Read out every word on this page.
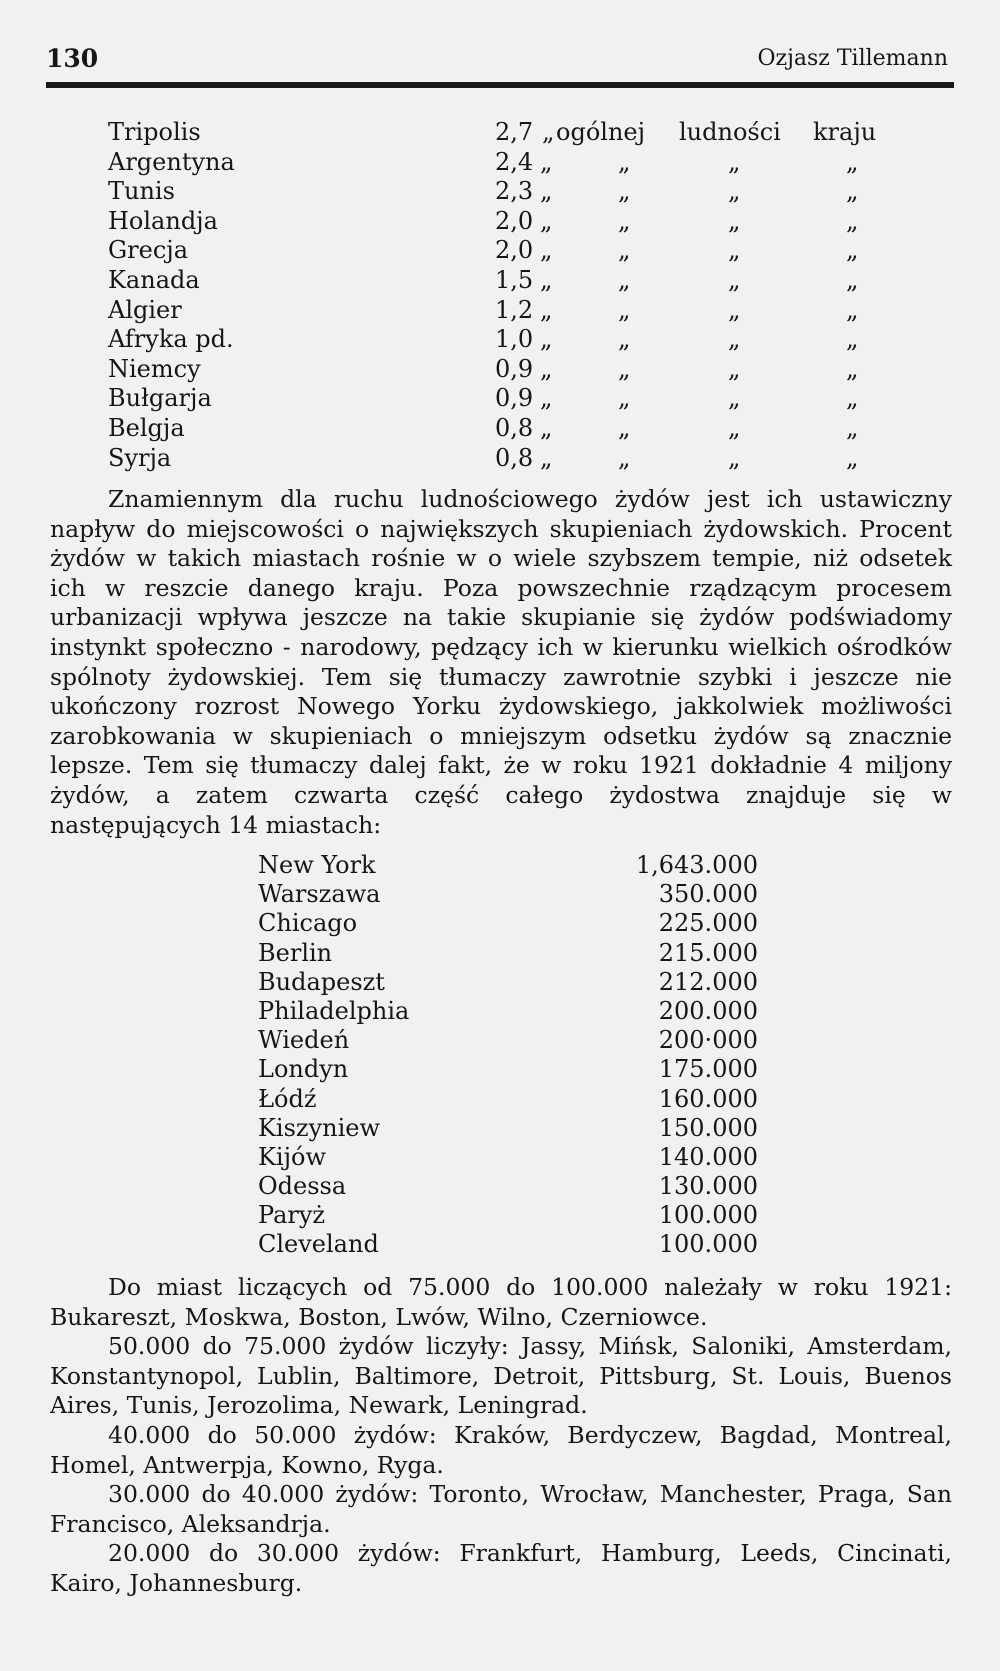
130	Ozjasz Tillemann
Tripolis	2,7 „ ogólnej ludności kraju
Argentyna	2,4 „	„	„	„
Tunis	2,3 „	„	„	„
Holandja	2,0 „	„	„	„
Grecja	2,0 „	„	„	„
Kanada	1,5 „	„	„	„
Algier	1,2 „	„	„	„
Afryka pd.	1,0 „	„	„	„
Niemcy	0,9 „	„	„	„
Bułgarja	0,9 „	„	„	„
Belgja	0,8 „	„	„	„
Syrja	0,8 „	„	„	„

Znamiennym dla ruchu ludnościowego żydów jest ich ustawiczny napływ do miejscowości o największych skupieniach żydowskich. Procent żydów w takich miastach rośnie w o wiele szybszem tempie, niż odsetek ich w reszcie danego kraju. Poza powszechnie rządzącym procesem urbanizacji wpływa jeszcze na takie skupianie się żydów podświadomy instynkt społeczno - narodowy, pędzący ich w kierunku wielkich ośrodków spólnoty żydowskiej. Tem się tłumaczy zawrotnie szybki i jeszcze nie ukończony rozrost Nowego Yorku żydowskiego, jakkolwiek możliwości zarobkowania w skupieniach o mniejszym odsetku żydów są znacznie lepsze. Tem się tłumaczy dalej fakt, że w roku 1921 dokładnie 4 miljony żydów, a zatem czwarta część całego żydostwa znajduje się w następujących 14 miastach:

New York	1,643.000
Warszawa	350.000
Chicago	225.000
Berlin	215.000
Budapeszt	212.000
Philadelphia	200.000
Wiedeń	200·000
Londyn	175.000
Łódź	160.000
Kiszyniew	150.000
Kijów	140.000
Odessa	130.000
Paryż	100.000
Cleveland	100.000
Do miast liczących od 75.000 do 100.000 należały w roku 1921: Bukareszt, Moskwa, Boston, Lwów, Wilno, Czerniowce.
50.000 do 75.000 żydów liczyły: Jassy, Mińsk, Saloniki, Amsterdam, Konstantynopol, Lublin, Baltimore, Detroit, Pittsburg, St. Louis, Buenos Aires, Tunis, Jerozolima, Newark, Leningrad.
40.000 do 50.000 żydów: Kraków, Berdyczew, Bagdad, Montreal, Homel, Antwerpja, Kowno, Ryga.
30.000 do 40.000 żydów: Toronto, Wrocław, Manchester, Praga, San Francisco, Aleksandrja.
20.000 do 30.000 żydów: Frankfurt, Hamburg, Leeds, Cincinati, Kairo, Johannesburg.
